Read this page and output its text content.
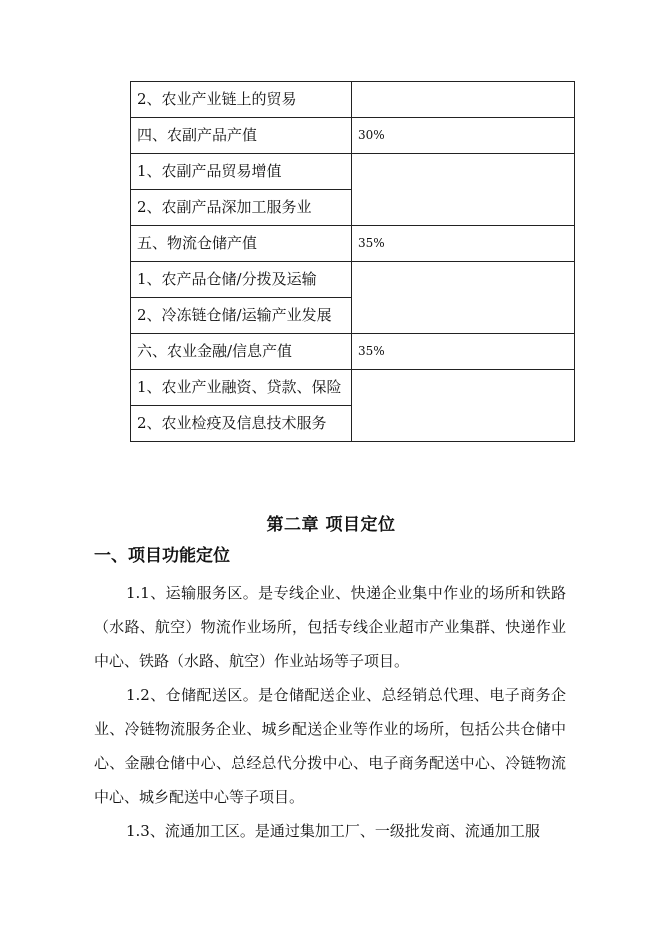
2、农业产业链上的贸易	
四、农副产品产值	30%
1、农副产品贸易增值	
2、农副产品深加工服务业	
五、物流仓储产值	35%
1、农产品仓储/分拨及运输	
2、冷冻链仓储/运输产业发展	
六、农业金融/信息产值	35%
1、农业产业融资、贷款、保险	
2、农业检疫及信息技术服务	
第二章 项目定位
一、项目功能定位

1.1、运输服务区。是专线企业、快递企业集中作业的场所和铁路（水路、航空）物流作业场所，包括专线企业超市产业集群、快递作业中心、铁路（水路、航空）作业站场等子项目。

1.2、仓储配送区。是仓储配送企业、总经销总代理、电子商务企业、冷链物流服务企业、城乡配送企业等作业的场所，包括公共仓储中心、金融仓储中心、总经总代分拨中心、电子商务配送中心、冷链物流中心、城乡配送中心等子项目。

1.3、流通加工区。是通过集加工厂、一级批发商、流通加工服
